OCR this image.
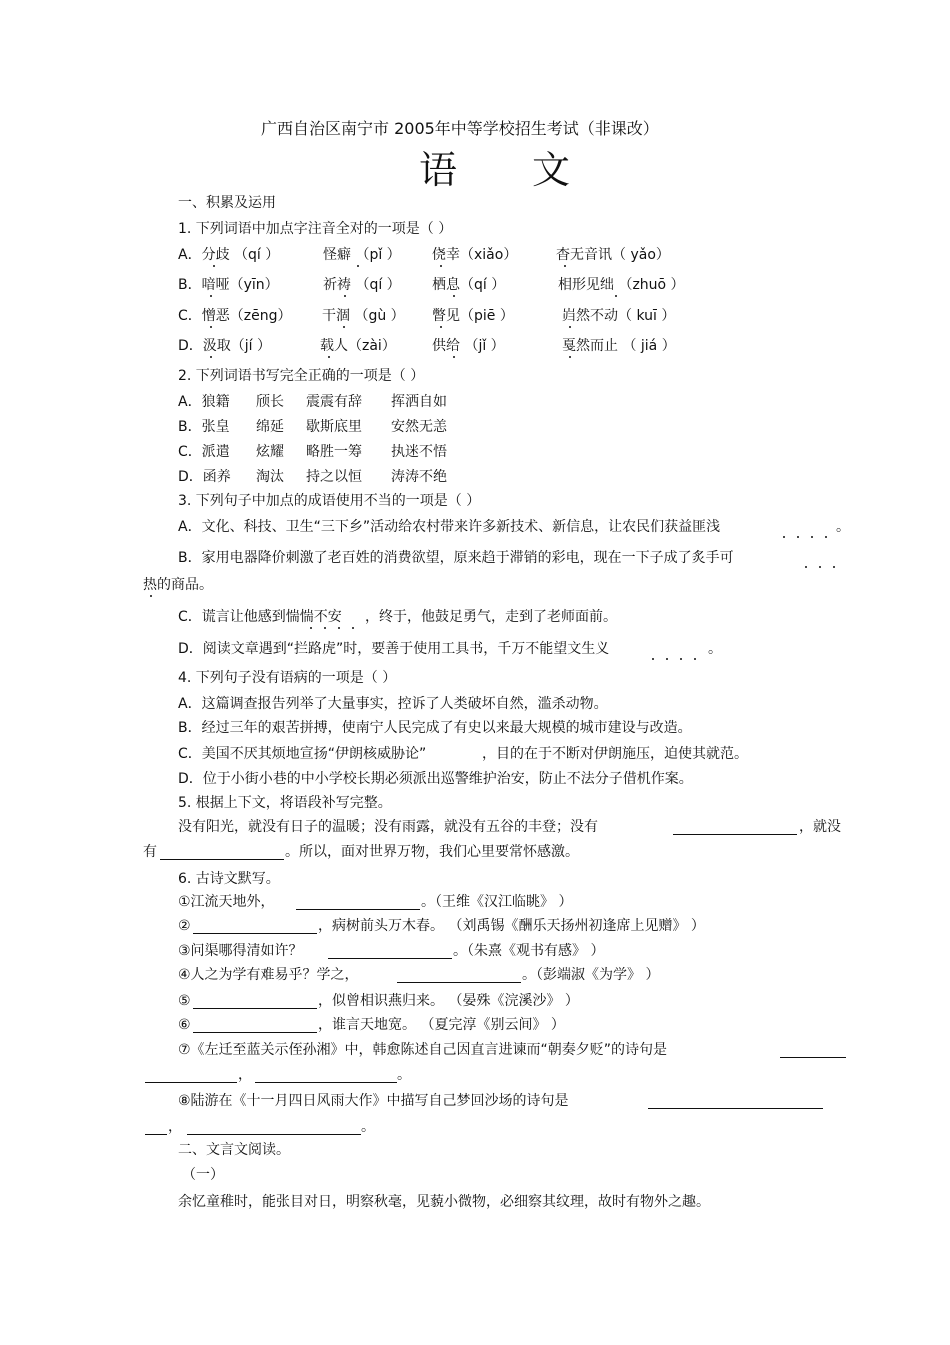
广西自治区南宁市 2005年中等学校招生考试（非课改）
语 文
一、积累及运用
1. 下列词语中加点字注音全对的一项是（ ）
A．分歧 （qí ）	怪癖 （pǐ ） 侥幸（xiǎo）	杳无音讯（ yǎo）
B．喑哑（yīn）	祈祷 （qí ） 栖息（qí ）	相形见绌 （zhuō ）
C．憎恶（zēng） 干涸 （gù ） 瞥见（piē ）	岿然不动（ kuī ）
D．汲取（jí ）	载人（zài）	供给 （jǐ ）	戛然而止 （ jiá ）
2. 下列词语书写完全正确的一项是（ ）
A．狼籍 颀长 震震有辞 挥洒自如
B．张皇 绵延 歇斯底里 安然无恙
C．派遣 炫耀 略胜一筹 执迷不悟
D．函养 淘汰 持之以恒 涛涛不绝
3. 下列句子中加点的成语使用不当的一项是（ ）
A．文化、科技、卫生“三下乡”活动给农村带来许多新技术、新信息，让农民们获益匪浅	。
B．家用电器降价刺激了老百姓的消费欲望，原来趋于滞销的彩电，现在一下子成了炙手可
热的商品。
C．谎言让他感到惴惴不安 ，终于，他鼓足勇气，走到了老师面前。
D．阅读文章遇到“拦路虎”时，要善于使用工具书，千万不能望文生义	。
4. 下列句子没有语病的一项是（ ）
A．这篇调查报告列举了大量事实，控诉了人类破坏自然，滥杀动物。
B．经过三年的艰苦拼搏，使南宁人民完成了有史以来最大规模的城市建设与改造。
C．美国不厌其烦地宣扬“伊朗核威胁论”	，目的在于不断对伊朗施压，迫使其就范。
D．位于小街小巷的中小学校长期必须派出巡警维护治安，防止不法分子借机作案。
5. 根据上下文，将语段补写完整。
没有阳光，就没有日子的温暖；没有雨露，就没有五谷的丰登；没有	，就没
有	。所以，面对世界万物，我们心里要常怀感激。
6. 古诗文默写。
①江流天地外，	。（王维《汉江临眺》 ）
②	，病树前头万木春。 （刘禹锡《酬乐天扬州初逢席上见赠》 ）
③问渠哪得清如许？	。（朱熹《观书有感》 ）
④人之为学有难易乎？学之，	。（彭端淑《为学》 ）
⑤	，似曾相识燕归来。 （晏殊《浣溪沙》 ）
⑥	，谁言天地宽。 （夏完淳《别云间》 ）
⑦《左迁至蓝关示侄孙湘》中，韩愈陈述自己因直言进谏而“朝奏夕贬”的诗句是
，	。
⑧陆游在《十一月四日风雨大作》中描写自己梦回沙场的诗句是
，	。
二、文言文阅读。
（一）
余忆童稚时，能张目对日，明察秋毫，见藐小微物，必细察其纹理，故时有物外之趣。
